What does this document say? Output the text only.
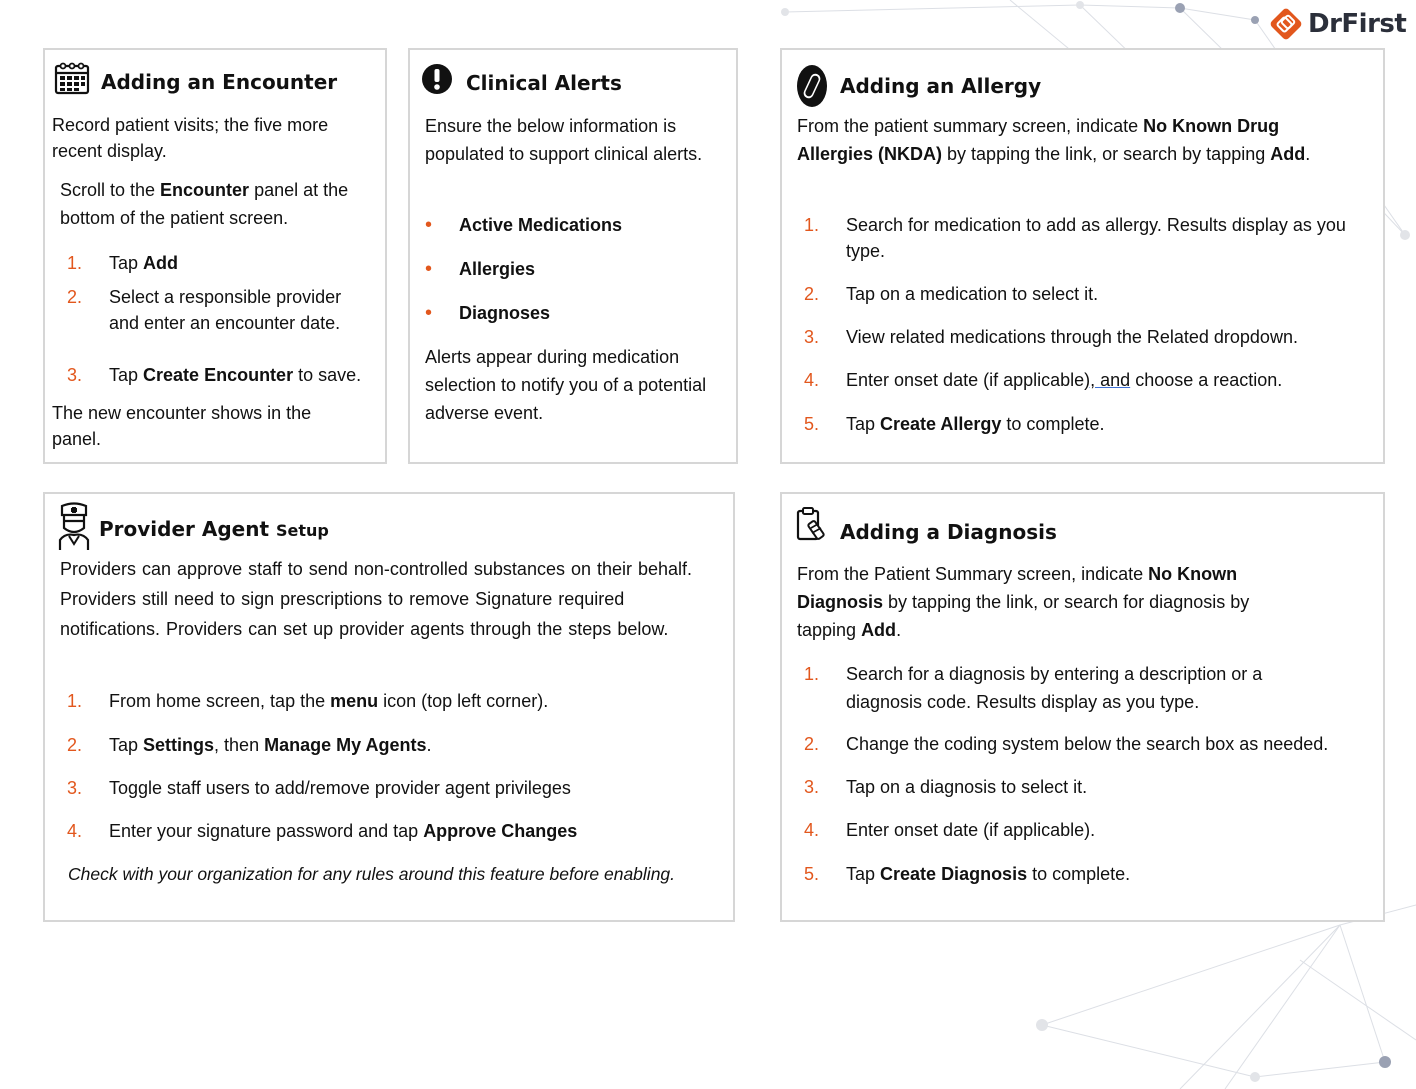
DrFirst
Adding an Encounter

Record patient visits; the five more recent display.

Scroll to the Encounter panel at the bottom of the patient screen.

1.	Tap Add
2.	Select a responsible provider and enter an encounter date.
3.	Tap Create Encounter to save.

The new encounter shows in the panel.

Clinical Alerts

Ensure the below information is populated to support clinical alerts.

•	Active Medications
•	Allergies
•	Diagnoses

Alerts appear during medication selection to notify you of a potential adverse event.

Adding an Allergy

From the patient summary screen, indicate No Known Drug Allergies (NKDA) by tapping the link, or search by tapping Add.

1.	Search for medication to add as allergy. Results display as you type.
2.	Tap on a medication to select it.
3.	View related medications through the Related dropdown.
4.	Enter onset date (if applicable), and choose a reaction.
5.	Tap Create Allergy to complete.
Provider Agent Setup

Providers can approve staff to send non-controlled substances on their behalf. Providers still need to sign prescriptions to remove Signature required notifications. Providers can set up provider agents through the steps below.

1.	From home screen, tap the menu icon (top left corner).
2.	Tap Settings, then Manage My Agents.
3.	Toggle staff users to add/remove provider agent privileges
4.	Enter your signature password and tap Approve Changes

Check with your organization for any rules around this feature before enabling.

Adding a Diagnosis

From the Patient Summary screen, indicate No Known Diagnosis by tapping the link, or search for diagnosis by tapping Add.

1.	Search for a diagnosis by entering a description or a diagnosis code. Results display as you type.
2.	Change the coding system below the search box as needed.
3.	Tap on a diagnosis to select it.
4.	Enter onset date (if applicable).
5.	Tap Create Diagnosis to complete.
